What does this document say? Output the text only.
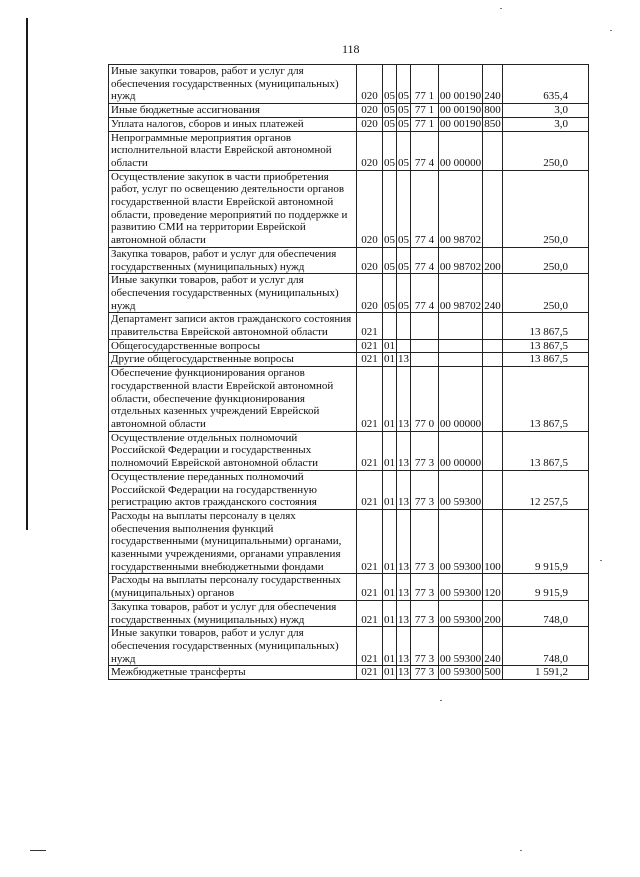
118
Иные закупки товаров, работ и услуг для обеспечения государственных (муниципальных) нужд	020	05	05	77 1	00 00190	240	635,4
Иные бюджетные ассигнования	020	05	05	77 1	00 00190	800	3,0
Уплата налогов, сборов и иных платежей	020	05	05	77 1	00 00190	850	3,0
Непрограммные мероприятия органов исполнительной власти Еврейской автономной области	020	05	05	77 4	00 00000		250,0
Осуществление закупок в части приобретения работ, услуг по освещению деятельности органов государственной власти Еврейской автономной области, проведение мероприятий по поддержке и развитию СМИ на территории Еврейской автономной области	020	05	05	77 4	00 98702		250,0
Закупка товаров, работ и услуг для обеспечения государственных (муниципальных) нужд	020	05	05	77 4	00 98702	200	250,0
Иные закупки товаров, работ и услуг для обеспечения государственных (муниципальных) нужд	020	05	05	77 4	00 98702	240	250,0
Департамент записи актов гражданского состояния правительства Еврейской автономной области	021						13 867,5
Общегосударственные вопросы	021	01					13 867,5
Другие общегосударственные вопросы	021	01	13				13 867,5
Обеспечение функционирования органов государственной власти Еврейской автономной области, обеспечение функционирования отдельных казенных учреждений Еврейской автономной области	021	01	13	77 0	00 00000		13 867,5
Осуществление отдельных полномочий Российской Федерации и государственных полномочий Еврейской автономной области	021	01	13	77 3	00 00000		13 867,5
Осуществление переданных полномочий Российской Федерации на государственную регистрацию актов гражданского состояния	021	01	13	77 3	00 59300		12 257,5
Расходы на выплаты персоналу в целях обеспечения выполнения функций государственными (муниципальными) органами, казенными учреждениями, органами управления государственными внебюджетными фондами	021	01	13	77 3	00 59300	100	9 915,9
Расходы на выплаты персоналу государственных (муниципальных) органов	021	01	13	77 3	00 59300	120	9 915,9
Закупка товаров, работ и услуг для обеспечения государственных (муниципальных) нужд	021	01	13	77 3	00 59300	200	748,0
Иные закупки товаров, работ и услуг для обеспечения государственных (муниципальных) нужд	021	01	13	77 3	00 59300	240	748,0
Межбюджетные трансферты	021	01	13	77 3	00 59300	500	1 591,2
